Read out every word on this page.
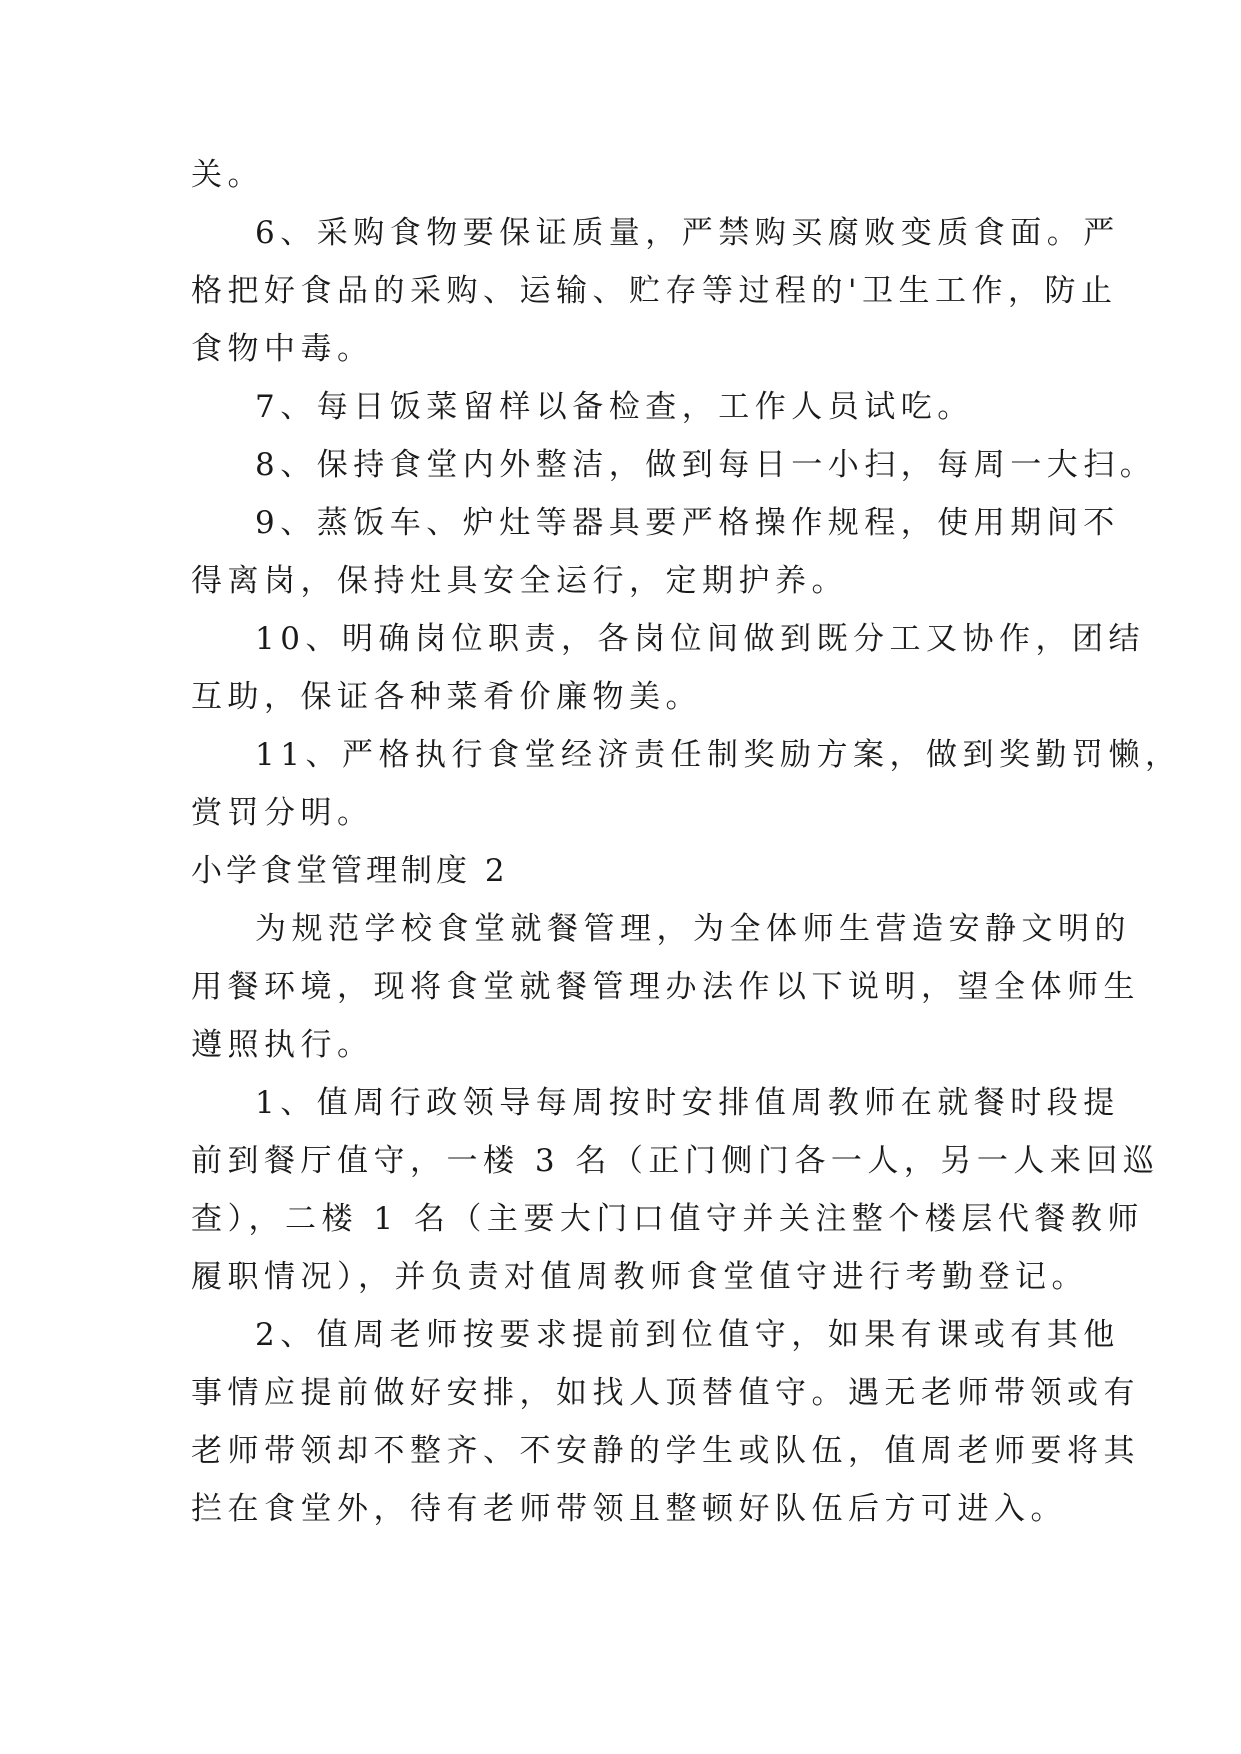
关。
6、采购食物要保证质量，严禁购买腐败变质食面。严
格把好食品的采购、运输、贮存等过程的'卫生工作，防止
食物中毒。
7、每日饭菜留样以备检查，工作人员试吃。
8、保持食堂内外整洁，做到每日一小扫，每周一大扫。
9、蒸饭车、炉灶等器具要严格操作规程，使用期间不
得离岗，保持灶具安全运行，定期护养。
10、明确岗位职责，各岗位间做到既分工又协作，团结
互助，保证各种菜肴价廉物美。
11、严格执行食堂经济责任制奖励方案，做到奖勤罚懒，
赏罚分明。
小学食堂管理制度 2
为规范学校食堂就餐管理，为全体师生营造安静文明的
用餐环境，现将食堂就餐管理办法作以下说明，望全体师生
遵照执行。
1、值周行政领导每周按时安排值周教师在就餐时段提
前到餐厅值守，一楼 3 名（正门侧门各一人，另一人来回巡
查），二楼 1 名（主要大门口值守并关注整个楼层代餐教师
履职情况），并负责对值周教师食堂值守进行考勤登记。
2、值周老师按要求提前到位值守，如果有课或有其他
事情应提前做好安排，如找人顶替值守。遇无老师带领或有
老师带领却不整齐、不安静的学生或队伍，值周老师要将其
拦在食堂外，待有老师带领且整顿好队伍后方可进入。
